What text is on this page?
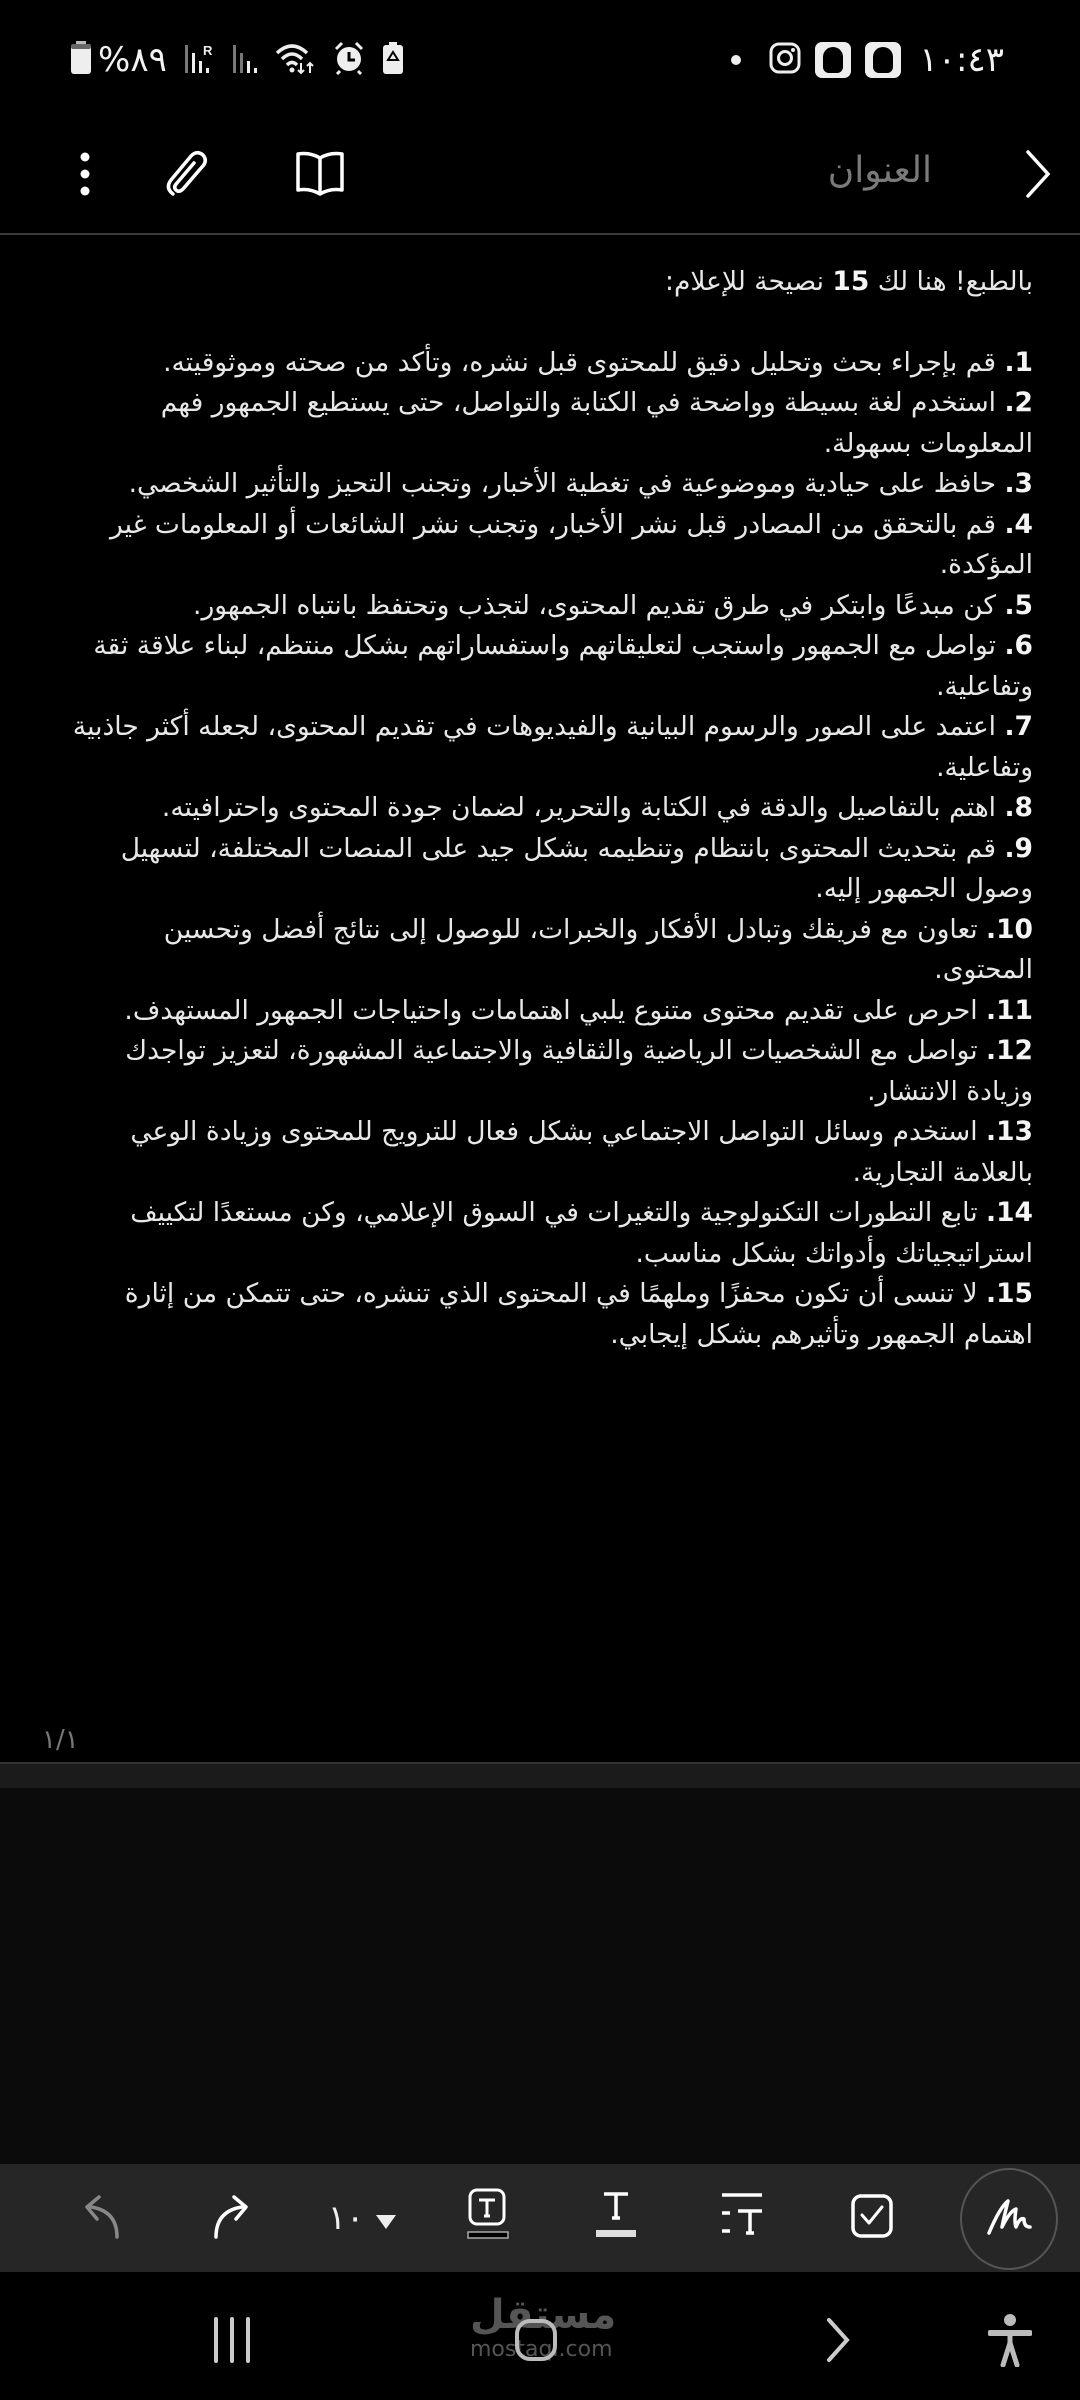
%٨٩	R	١٠:٤٣
العنوان

بالطبع! هنا لك 15 نصيحة للإعلام:

1. قم بإجراء بحث وتحليل دقيق للمحتوى قبل نشره، وتأكد من صحته وموثوقيته.

2. استخدم لغة بسيطة وواضحة في الكتابة والتواصل، حتى يستطيع الجمهور فهم المعلومات بسهولة.

3. حافظ على حيادية وموضوعية في تغطية الأخبار، وتجنب التحيز والتأثير الشخصي.

4. قم بالتحقق من المصادر قبل نشر الأخبار، وتجنب نشر الشائعات أو المعلومات غير المؤكدة.

5. كن مبدعًا وابتكر في طرق تقديم المحتوى، لتجذب وتحتفظ بانتباه الجمهور.

6. تواصل مع الجمهور واستجب لتعليقاتهم واستفساراتهم بشكل منتظم، لبناء علاقة ثقة وتفاعلية.

7. اعتمد على الصور والرسوم البيانية والفيديوهات في تقديم المحتوى، لجعله أكثر جاذبية وتفاعلية.

8. اهتم بالتفاصيل والدقة في الكتابة والتحرير، لضمان جودة المحتوى واحترافيته.

9. قم بتحديث المحتوى بانتظام وتنظيمه بشكل جيد على المنصات المختلفة، لتسهيل وصول الجمهور إليه.

10. تعاون مع فريقك وتبادل الأفكار والخبرات، للوصول إلى نتائج أفضل وتحسين المحتوى.

11. احرص على تقديم محتوى متنوع يلبي اهتمامات واحتياجات الجمهور المستهدف.

12. تواصل مع الشخصيات الرياضية والثقافية والاجتماعية المشهورة، لتعزيز تواجدك وزيادة الانتشار.

13. استخدم وسائل التواصل الاجتماعي بشكل فعال للترويج للمحتوى وزيادة الوعي بالعلامة التجارية.

14. تابع التطورات التكنولوجية والتغيرات في السوق الإعلامي، وكن مستعدًا لتكييف استراتيجياتك وأدواتك بشكل مناسب.

15. لا تنسى أن تكون محفزًا وملهمًا في المحتوى الذي تنشره، حتى تتمكن من إثارة اهتمام الجمهور وتأثيرهم بشكل إيجابي.

١/١
١٠
مستقل
mostaql.com
